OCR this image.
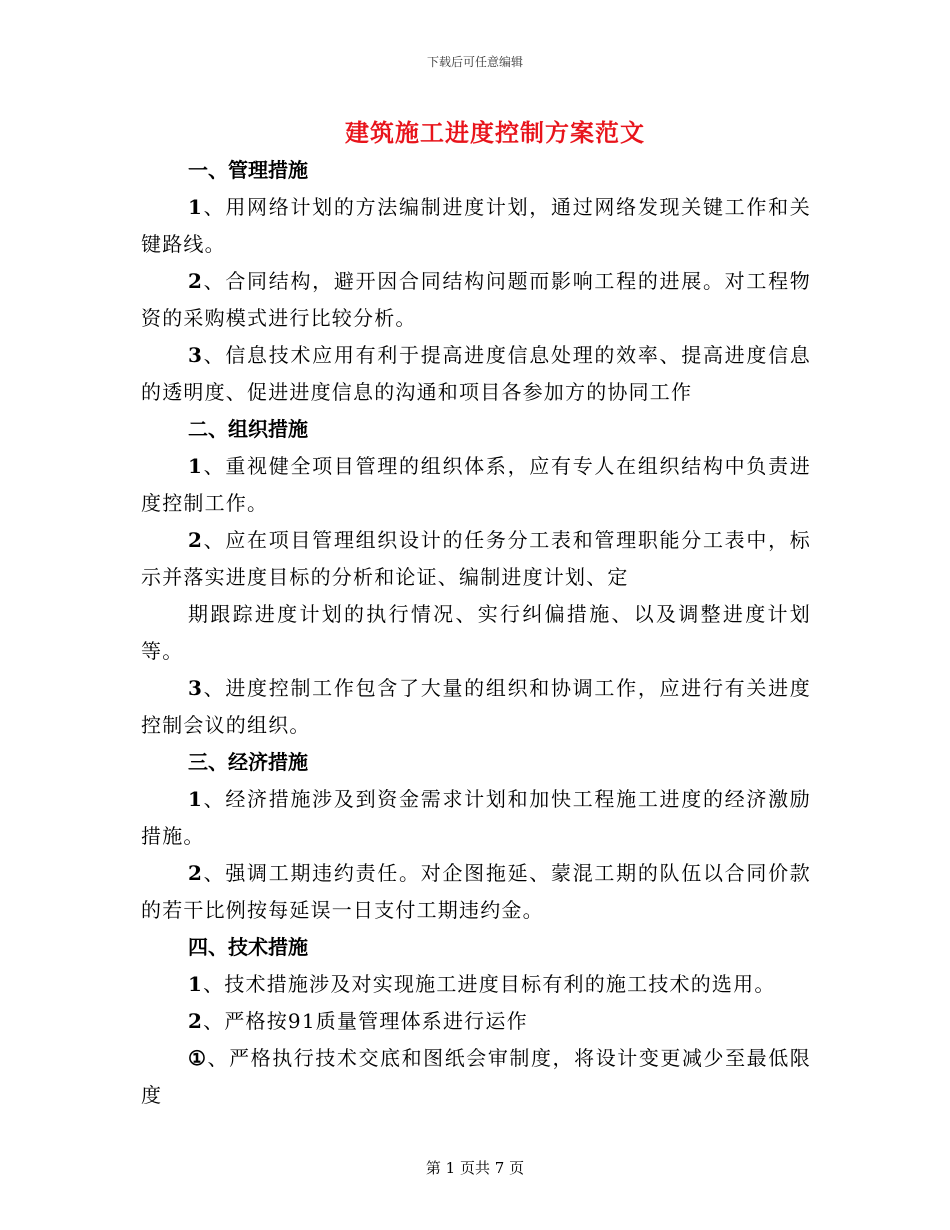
下载后可任意编辑
建筑施工进度控制方案范文

一、管理措施

1、用网络计划的方法编制进度计划，通过网络发现关键工作和关键路线。

2、合同结构，避开因合同结构问题而影响工程的进展。对工程物资的采购模式进行比较分析。

3、信息技术应用有利于提高进度信息处理的效率、提高进度信息的透明度、促进进度信息的沟通和项目各参加方的协同工作

二、组织措施

1、重视健全项目管理的组织体系，应有专人在组织结构中负责进度控制工作。

2、应在项目管理组织设计的任务分工表和管理职能分工表中，标示并落实进度目标的分析和论证、编制进度计划、定

期跟踪进度计划的执行情况、实行纠偏措施、以及调整进度计划等。

3、进度控制工作包含了大量的组织和协调工作，应进行有关进度控制会议的组织。

三、经济措施

1、经济措施涉及到资金需求计划和加快工程施工进度的经济激励措施。

2、强调工期违约责任。对企图拖延、蒙混工期的队伍以合同价款的若干比例按每延误一日支付工期违约金。

四、技术措施

1、技术措施涉及对实现施工进度目标有利的施工技术的选用。

2、严格按91质量管理体系进行运作

①、严格执行技术交底和图纸会审制度，将设计变更减少至最低限度

第 1 页共 7 页
